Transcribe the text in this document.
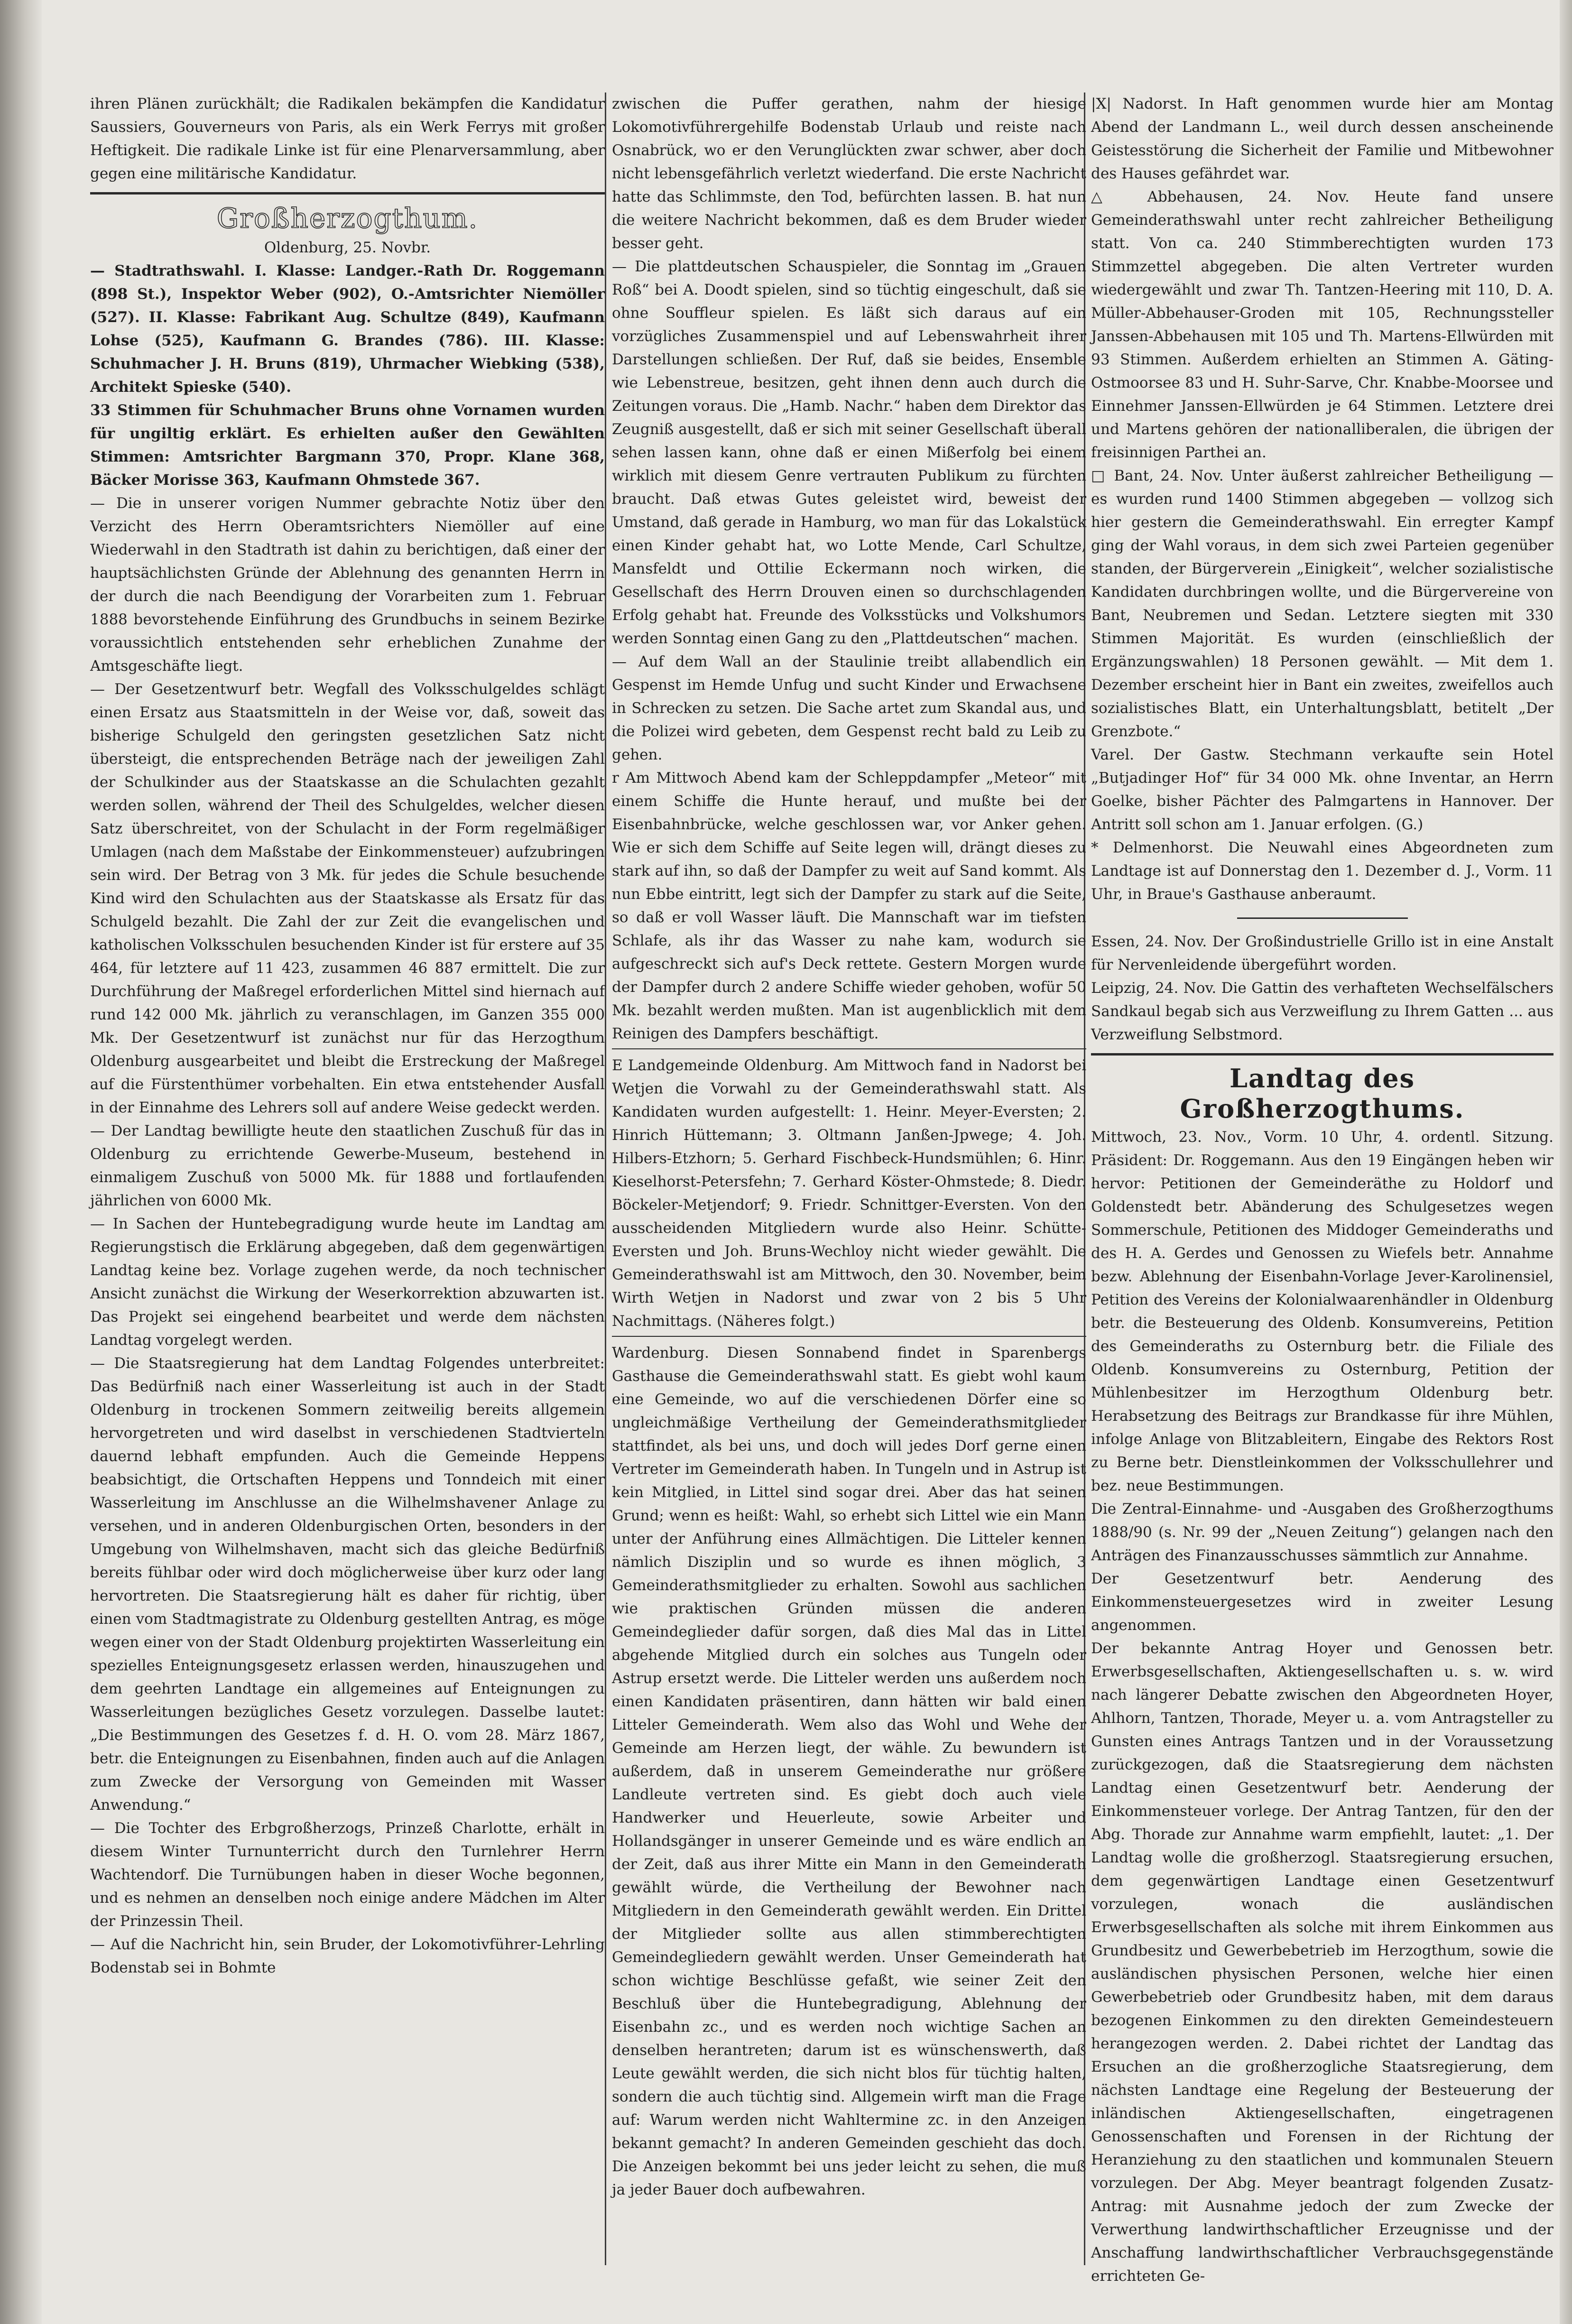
ihren Plänen zurückhält; die Radikalen bekämpfen die Kandidatur Saussiers, Gouverneurs von Paris, als ein Werk Ferrys mit großer Heftigkeit. Die radikale Linke ist für eine Plenarversammlung, aber gegen eine militärische Kandidatur.

Großherzogthum.

Oldenburg, 25. Novbr.

— Stadtrathswahl. I. Klasse: Landger.-Rath Dr. Roggemann (898 St.), Inspektor Weber (902), O.-Amtsrichter Niemöller (527). II. Klasse: Fabrikant Aug. Schultze (849), Kaufmann Lohse (525), Kaufmann G. Brandes (786). III. Klasse: Schuhmacher J. H. Bruns (819), Uhrmacher Wiebking (538), Architekt Spieske (540).

33 Stimmen für Schuhmacher Bruns ohne Vornamen wurden für ungiltig erklärt. Es erhielten außer den Gewählten Stimmen: Amtsrichter Bargmann 370, Propr. Klane 368, Bäcker Morisse 363, Kaufmann Ohmstede 367.

— Die in unserer vorigen Nummer gebrachte Notiz über den Verzicht des Herrn Oberamtsrichters Niemöller auf eine Wiederwahl in den Stadtrath ist dahin zu berichtigen, daß einer der hauptsächlichsten Gründe der Ablehnung des genannten Herrn in der durch die nach Beendigung der Vorarbeiten zum 1. Februar 1888 bevorstehende Einführung des Grundbuchs in seinem Bezirke voraussichtlich entstehenden sehr erheblichen Zunahme der Amtsgeschäfte liegt.

— Der Gesetzentwurf betr. Wegfall des Volksschulgeldes schlägt einen Ersatz aus Staatsmitteln in der Weise vor, daß, soweit das bisherige Schulgeld den geringsten gesetzlichen Satz nicht übersteigt, die entsprechenden Beträge nach der jeweiligen Zahl der Schulkinder aus der Staatskasse an die Schulachten gezahlt werden sollen, während der Theil des Schulgeldes, welcher diesen Satz überschreitet, von der Schulacht in der Form regelmäßiger Umlagen (nach dem Maßstabe der Einkommensteuer) aufzubringen sein wird. Der Betrag von 3 Mk. für jedes die Schule besuchende Kind wird den Schulachten aus der Staatskasse als Ersatz für das Schulgeld bezahlt. Die Zahl der zur Zeit die evangelischen und katholischen Volksschulen besuchenden Kinder ist für erstere auf 35 464, für letztere auf 11 423, zusammen 46 887 ermittelt. Die zur Durchführung der Maßregel erforderlichen Mittel sind hiernach auf rund 142 000 Mk. jährlich zu veranschlagen, im Ganzen 355 000 Mk. Der Gesetzentwurf ist zunächst nur für das Herzogthum Oldenburg ausgearbeitet und bleibt die Erstreckung der Maßregel auf die Fürstenthümer vorbehalten. Ein etwa entstehender Ausfall in der Einnahme des Lehrers soll auf andere Weise gedeckt werden.

— Der Landtag bewilligte heute den staatlichen Zuschuß für das in Oldenburg zu errichtende Gewerbe-Museum, bestehend in einmaligem Zuschuß von 5000 Mk. für 1888 und fortlaufenden jährlichen von 6000 Mk.

— In Sachen der Huntebegradigung wurde heute im Landtag am Regierungstisch die Erklärung abgegeben, daß dem gegenwärtigen Landtag keine bez. Vorlage zugehen werde, da noch technischer Ansicht zunächst die Wirkung der Weserkorrektion abzuwarten ist. Das Projekt sei eingehend bearbeitet und werde dem nächsten Landtag vorgelegt werden.

— Die Staatsregierung hat dem Landtag Folgendes unterbreitet: Das Bedürfniß nach einer Wasserleitung ist auch in der Stadt Oldenburg in trockenen Sommern zeitweilig bereits allgemein hervorgetreten und wird daselbst in verschiedenen Stadtvierteln dauernd lebhaft empfunden. Auch die Gemeinde Heppens beabsichtigt, die Ortschaften Heppens und Tonndeich mit einer Wasserleitung im Anschlusse an die Wilhelmshavener Anlage zu versehen, und in anderen Oldenburgischen Orten, besonders in der Umgebung von Wilhelmshaven, macht sich das gleiche Bedürfniß bereits fühlbar oder wird doch möglicherweise über kurz oder lang hervortreten. Die Staatsregierung hält es daher für richtig, über einen vom Stadtmagistrate zu Oldenburg gestellten Antrag, es möge wegen einer von der Stadt Oldenburg projektirten Wasserleitung ein spezielles Enteignungsgesetz erlassen werden, hinauszugehen und dem geehrten Landtage ein allgemeines auf Enteignungen zu Wasserleitungen bezügliches Gesetz vorzulegen. Dasselbe lautet: „Die Bestimmungen des Gesetzes f. d. H. O. vom 28. März 1867, betr. die Enteignungen zu Eisenbahnen, finden auch auf die Anlagen zum Zwecke der Versorgung von Gemeinden mit Wasser Anwendung.“

— Die Tochter des Erbgroßherzogs, Prinzeß Charlotte, erhält in diesem Winter Turnunterricht durch den Turnlehrer Herrn Wachtendorf. Die Turnübungen haben in dieser Woche begonnen, und es nehmen an denselben noch einige andere Mädchen im Alter der Prinzessin Theil.

— Auf die Nachricht hin, sein Bruder, der Lokomotivführer-Lehrling Bodenstab sei in Bohmte

zwischen die Puffer gerathen, nahm der hiesige Lokomotivführergehilfe Bodenstab Urlaub und reiste nach Osnabrück, wo er den Verunglückten zwar schwer, aber doch nicht lebensgefährlich verletzt wiederfand. Die erste Nachricht hatte das Schlimmste, den Tod, befürchten lassen. B. hat nun die weitere Nachricht bekommen, daß es dem Bruder wieder besser geht.

— Die plattdeutschen Schauspieler, die Sonntag im „Grauen Roß“ bei A. Doodt spielen, sind so tüchtig eingeschult, daß sie ohne Souffleur spielen. Es läßt sich daraus auf ein vorzügliches Zusammenspiel und auf Lebenswahrheit ihrer Darstellungen schließen. Der Ruf, daß sie beides, Ensemble wie Lebenstreue, besitzen, geht ihnen denn auch durch die Zeitungen voraus. Die „Hamb. Nachr.“ haben dem Direktor das Zeugniß ausgestellt, daß er sich mit seiner Gesellschaft überall sehen lassen kann, ohne daß er einen Mißerfolg bei einem wirklich mit diesem Genre vertrauten Publikum zu fürchten braucht. Daß etwas Gutes geleistet wird, beweist der Umstand, daß gerade in Hamburg, wo man für das Lokalstück einen Kinder gehabt hat, wo Lotte Mende, Carl Schultze, Mansfeldt und Ottilie Eckermann noch wirken, die Gesellschaft des Herrn Drouven einen so durchschlagenden Erfolg gehabt hat. Freunde des Volksstücks und Volkshumors werden Sonntag einen Gang zu den „Plattdeutschen“ machen.

— Auf dem Wall an der Staulinie treibt allabendlich ein Gespenst im Hemde Unfug und sucht Kinder und Erwachsene in Schrecken zu setzen. Die Sache artet zum Skandal aus, und die Polizei wird gebeten, dem Gespenst recht bald zu Leib zu gehen.

r Am Mittwoch Abend kam der Schleppdampfer „Meteor“ mit einem Schiffe die Hunte herauf, und mußte bei der Eisenbahnbrücke, welche geschlossen war, vor Anker gehen. Wie er sich dem Schiffe auf Seite legen will, drängt dieses zu stark auf ihn, so daß der Dampfer zu weit auf Sand kommt. Als nun Ebbe eintritt, legt sich der Dampfer zu stark auf die Seite, so daß er voll Wasser läuft. Die Mannschaft war im tiefsten Schlafe, als ihr das Wasser zu nahe kam, wodurch sie aufgeschreckt sich auf's Deck rettete. Gestern Morgen wurde der Dampfer durch 2 andere Schiffe wieder gehoben, wofür 50 Mk. bezahlt werden mußten. Man ist augenblicklich mit dem Reinigen des Dampfers beschäftigt.

E Landgemeinde Oldenburg. Am Mittwoch fand in Nadorst bei Wetjen die Vorwahl zu der Gemeinderathswahl statt. Als Kandidaten wurden aufgestellt: 1. Heinr. Meyer-Eversten; 2. Hinrich Hüttemann; 3. Oltmann Janßen-Jpwege; 4. Joh. Hilbers-Etzhorn; 5. Gerhard Fischbeck-Hundsmühlen; 6. Hinr. Kieselhorst-Petersfehn; 7. Gerhard Köster-Ohmstede; 8. Diedr. Böckeler-Metjendorf; 9. Friedr. Schnittger-Eversten. Von den ausscheidenden Mitgliedern wurde also Heinr. Schütte-Eversten und Joh. Bruns-Wechloy nicht wieder gewählt. Die Gemeinderathswahl ist am Mittwoch, den 30. November, beim Wirth Wetjen in Nadorst und zwar von 2 bis 5 Uhr Nachmittags. (Näheres folgt.)

Wardenburg. Diesen Sonnabend findet in Sparenbergs Gasthause die Gemeinderathswahl statt. Es giebt wohl kaum eine Gemeinde, wo auf die verschiedenen Dörfer eine so ungleichmäßige Vertheilung der Gemeinderathsmitglieder stattfindet, als bei uns, und doch will jedes Dorf gerne einen Vertreter im Gemeinderath haben. In Tungeln und in Astrup ist kein Mitglied, in Littel sind sogar drei. Aber das hat seinen Grund; wenn es heißt: Wahl, so erhebt sich Littel wie ein Mann unter der Anführung eines Allmächtigen. Die Litteler kennen nämlich Disziplin und so wurde es ihnen möglich, 3 Gemeinderathsmitglieder zu erhalten. Sowohl aus sachlichen wie praktischen Gründen müssen die anderen Gemeindeglieder dafür sorgen, daß dies Mal das in Littel abgehende Mitglied durch ein solches aus Tungeln oder Astrup ersetzt werde. Die Litteler werden uns außerdem noch einen Kandidaten präsentiren, dann hätten wir bald einen Litteler Gemeinderath. Wem also das Wohl und Wehe der Gemeinde am Herzen liegt, der wähle. Zu bewundern ist außerdem, daß in unserem Gemeinderathe nur größere Landleute vertreten sind. Es giebt doch auch viele Handwerker und Heuerleute, sowie Arbeiter und Hollandsgänger in unserer Gemeinde und es wäre endlich an der Zeit, daß aus ihrer Mitte ein Mann in den Gemeinderath gewählt würde, die Vertheilung der Bewohner nach Mitgliedern in den Gemeinderath gewählt werden. Ein Drittel der Mitglieder sollte aus allen stimmberechtigten Gemeindegliedern gewählt werden. Unser Gemeinderath hat schon wichtige Beschlüsse gefaßt, wie seiner Zeit den Beschluß über die Huntebegradigung, Ablehnung der Eisenbahn zc., und es werden noch wichtige Sachen an denselben herantreten; darum ist es wünschenswerth, daß Leute gewählt werden, die sich nicht blos für tüchtig halten, sondern die auch tüchtig sind. Allgemein wirft man die Frage auf: Warum werden nicht Wahltermine zc. in den Anzeigen bekannt gemacht? In anderen Gemeinden geschieht das doch. Die Anzeigen bekommt bei uns jeder leicht zu sehen, die muß ja jeder Bauer doch aufbewahren.

|X| Nadorst. In Haft genommen wurde hier am Montag Abend der Landmann L., weil durch dessen anscheinende Geistesstörung die Sicherheit der Familie und Mitbewohner des Hauses gefährdet war.

△ Abbehausen, 24. Nov. Heute fand unsere Gemeinderathswahl unter recht zahlreicher Betheiligung statt. Von ca. 240 Stimmberechtigten wurden 173 Stimmzettel abgegeben. Die alten Vertreter wurden wiedergewählt und zwar Th. Tantzen-Heering mit 110, D. A. Müller-Abbehauser-Groden mit 105, Rechnungssteller Janssen-Abbehausen mit 105 und Th. Martens-Ellwürden mit 93 Stimmen. Außerdem erhielten an Stimmen A. Gäting-Ostmoorsee 83 und H. Suhr-Sarve, Chr. Knabbe-Moorsee und Einnehmer Janssen-Ellwürden je 64 Stimmen. Letztere drei und Martens gehören der nationalliberalen, die übrigen der freisinnigen Parthei an.

□ Bant, 24. Nov. Unter äußerst zahlreicher Betheiligung — es wurden rund 1400 Stimmen abgegeben — vollzog sich hier gestern die Gemeinderathswahl. Ein erregter Kampf ging der Wahl voraus, in dem sich zwei Parteien gegenüber standen, der Bürgerverein „Einigkeit“, welcher sozialistische Kandidaten durchbringen wollte, und die Bürgervereine von Bant, Neubremen und Sedan. Letztere siegten mit 330 Stimmen Majorität. Es wurden (einschließlich der Ergänzungswahlen) 18 Personen gewählt. — Mit dem 1. Dezember erscheint hier in Bant ein zweites, zweifellos auch sozialistisches Blatt, ein Unterhaltungsblatt, betitelt „Der Grenzbote.“

Varel. Der Gastw. Stechmann verkaufte sein Hotel „Butjadinger Hof“ für 34 000 Mk. ohne Inventar, an Herrn Goelke, bisher Pächter des Palmgartens in Hannover. Der Antritt soll schon am 1. Januar erfolgen. (G.)

* Delmenhorst. Die Neuwahl eines Abgeordneten zum Landtage ist auf Donnerstag den 1. Dezember d. J., Vorm. 11 Uhr, in Braue's Gasthause anberaumt.

Essen, 24. Nov. Der Großindustrielle Grillo ist in eine Anstalt für Nervenleidende übergeführt worden.

Leipzig, 24. Nov. Die Gattin des verhafteten Wechselfälschers Sandkaul begab sich aus Verzweiflung zu Ihrem Gatten ... aus Verzweiflung Selbstmord.

Landtag des Großherzogthums.

Mittwoch, 23. Nov., Vorm. 10 Uhr, 4. ordentl. Sitzung. Präsident: Dr. Roggemann. Aus den 19 Eingängen heben wir hervor: Petitionen der Gemeinderäthe zu Holdorf und Goldenstedt betr. Abänderung des Schulgesetzes wegen Sommerschule, Petitionen des Middoger Gemeinderaths und des H. A. Gerdes und Genossen zu Wiefels betr. Annahme bezw. Ablehnung der Eisenbahn-Vorlage Jever-Karolinensiel, Petition des Vereins der Kolonialwaarenhändler in Oldenburg betr. die Besteuerung des Oldenb. Konsumvereins, Petition des Gemeinderaths zu Osternburg betr. die Filiale des Oldenb. Konsumvereins zu Osternburg, Petition der Mühlenbesitzer im Herzogthum Oldenburg betr. Herabsetzung des Beitrags zur Brandkasse für ihre Mühlen, infolge Anlage von Blitzableitern, Eingabe des Rektors Rost zu Berne betr. Dienstleinkommen der Volksschullehrer und bez. neue Bestimmungen.

Die Zentral-Einnahme- und -Ausgaben des Großherzogthums 1888/90 (s. Nr. 99 der „Neuen Zeitung“) gelangen nach den Anträgen des Finanzausschusses sämmtlich zur Annahme.

Der Gesetzentwurf betr. Aenderung des Einkommensteuergesetzes wird in zweiter Lesung angenommen.

Der bekannte Antrag Hoyer und Genossen betr. Erwerbsgesellschaften, Aktiengesellschaften u. s. w. wird nach längerer Debatte zwischen den Abgeordneten Hoyer, Ahlhorn, Tantzen, Thorade, Meyer u. a. vom Antragsteller zu Gunsten eines Antrags Tantzen und in der Voraussetzung zurückgezogen, daß die Staatsregierung dem nächsten Landtag einen Gesetzentwurf betr. Aenderung der Einkommensteuer vorlege. Der Antrag Tantzen, für den der Abg. Thorade zur Annahme warm empfiehlt, lautet: „1. Der Landtag wolle die großherzogl. Staatsregierung ersuchen, dem gegenwärtigen Landtage einen Gesetzentwurf vorzulegen, wonach die ausländischen Erwerbsgesellschaften als solche mit ihrem Einkommen aus Grundbesitz und Gewerbebetrieb im Herzogthum, sowie die ausländischen physischen Personen, welche hier einen Gewerbebetrieb oder Grundbesitz haben, mit dem daraus bezogenen Einkommen zu den direkten Gemeindesteuern herangezogen werden. 2. Dabei richtet der Landtag das Ersuchen an die großherzogliche Staatsregierung, dem nächsten Landtage eine Regelung der Besteuerung der inländischen Aktiengesellschaften, eingetragenen Genossenschaften und Forensen in der Richtung der Heranziehung zu den staatlichen und kommunalen Steuern vorzulegen. Der Abg. Meyer beantragt folgenden Zusatz-Antrag: mit Ausnahme jedoch der zum Zwecke der Verwerthung landwirthschaftlicher Erzeugnisse und der Anschaffung landwirthschaftlicher Verbrauchsgegenstände errichteten Ge-
